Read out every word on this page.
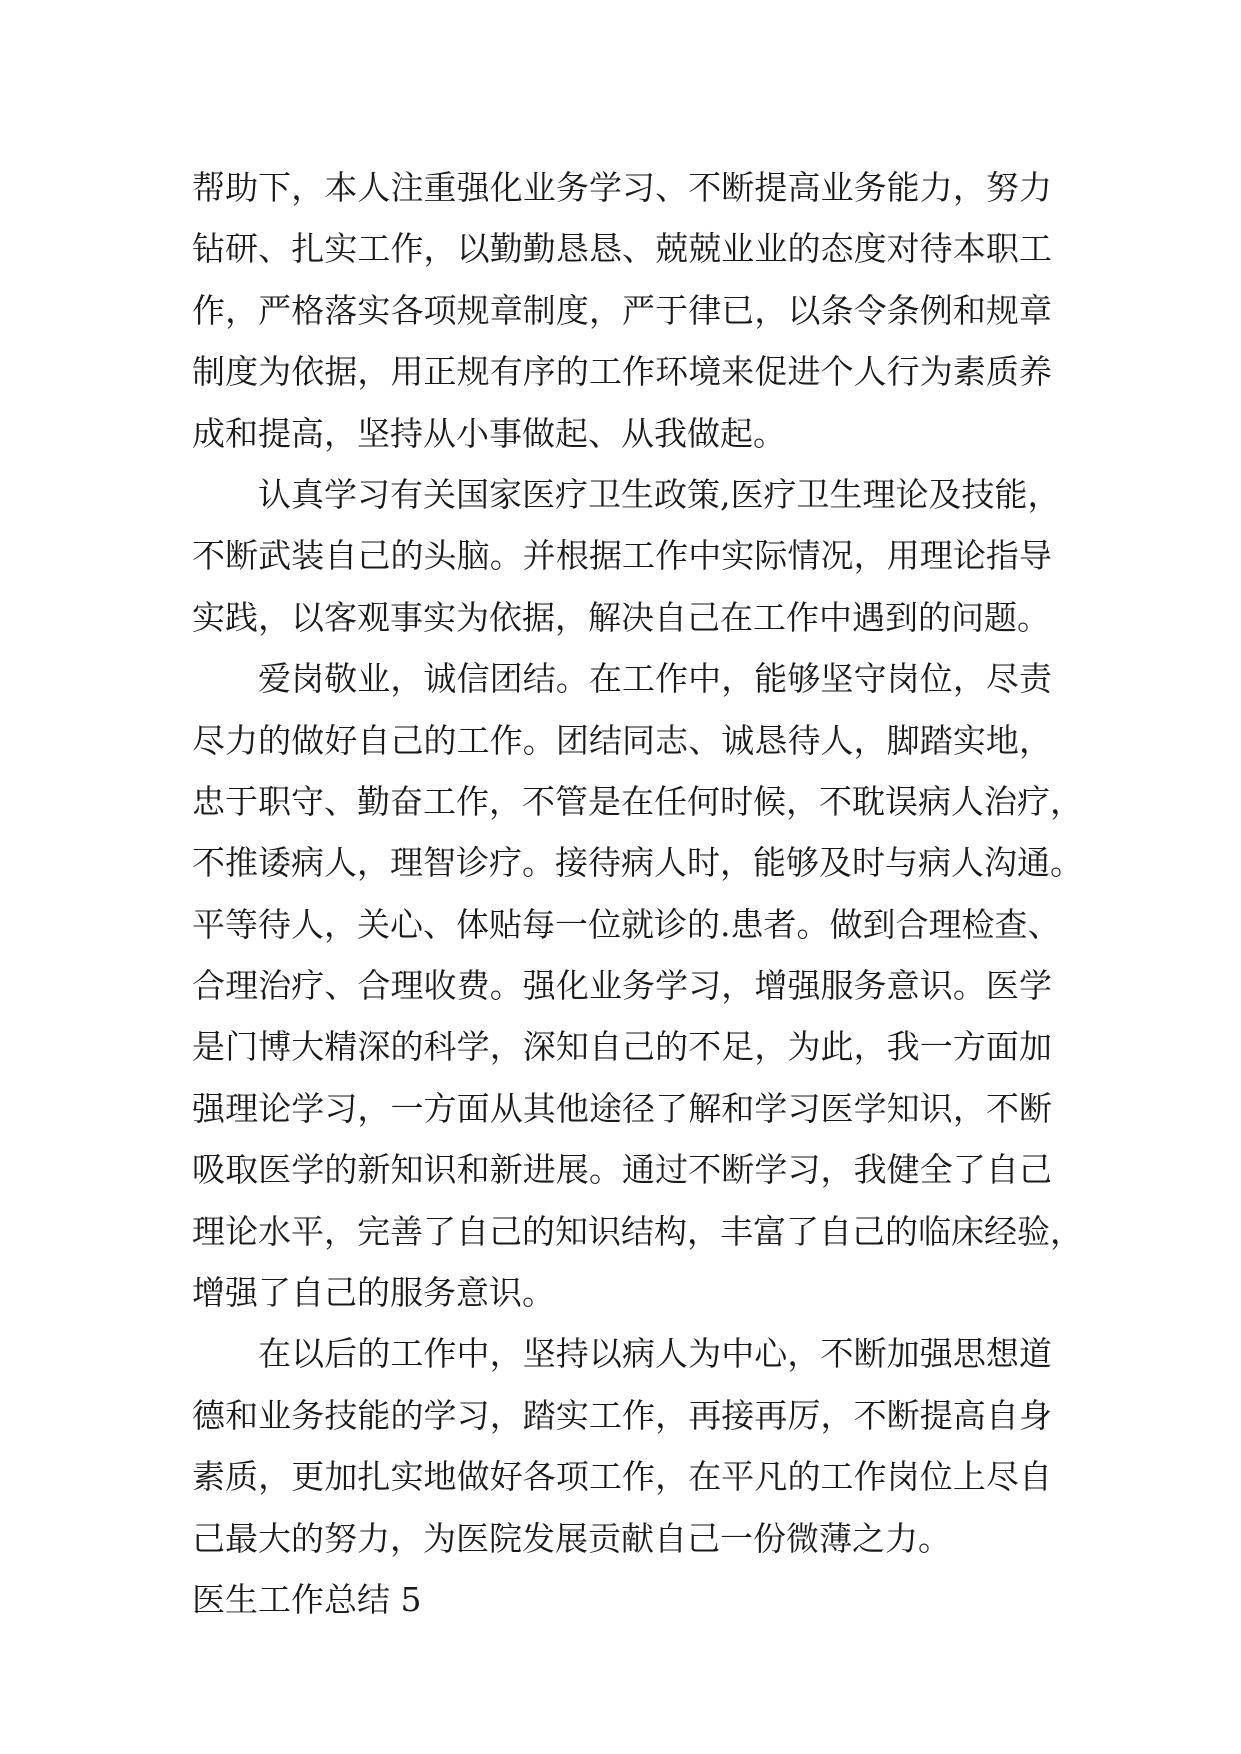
帮助下，本人注重强化业务学习、不断提高业务能力，努力
钻研、扎实工作，以勤勤恳恳、兢兢业业的态度对待本职工
作，严格落实各项规章制度，严于律已，以条令条例和规章
制度为依据，用正规有序的工作环境来促进个人行为素质养
成和提高，坚持从小事做起、从我做起。
认真学习有关国家医疗卫生政策,医疗卫生理论及技能，
不断武装自己的头脑。并根据工作中实际情况，用理论指导
实践，以客观事实为依据，解决自己在工作中遇到的问题。
爱岗敬业，诚信团结。在工作中，能够坚守岗位，尽责
尽力的做好自己的工作。团结同志、诚恳待人，脚踏实地，
忠于职守、勤奋工作，不管是在任何时候，不耽误病人治疗，
不推诿病人，理智诊疗。接待病人时，能够及时与病人沟通。
平等待人，关心、体贴每一位就诊的.患者。做到合理检查、
合理治疗、合理收费。强化业务学习，增强服务意识。医学
是门博大精深的科学，深知自己的不足，为此，我一方面加
强理论学习，一方面从其他途径了解和学习医学知识，不断
吸取医学的新知识和新进展。通过不断学习，我健全了自己
理论水平，完善了自己的知识结构，丰富了自己的临床经验，
增强了自己的服务意识。
在以后的工作中，坚持以病人为中心，不断加强思想道
德和业务技能的学习，踏实工作，再接再厉，不断提高自身
素质，更加扎实地做好各项工作，在平凡的工作岗位上尽自
己最大的努力，为医院发展贡献自己一份微薄之力。
医生工作总结 5
